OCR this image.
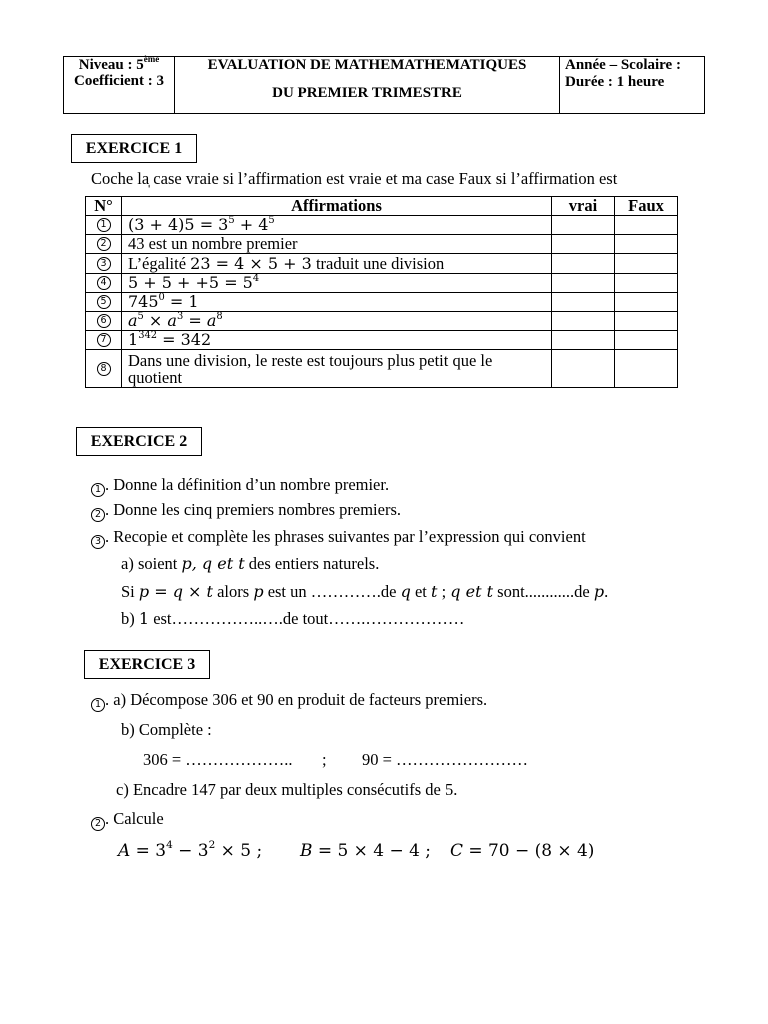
Niveau : 5ème
Coefficient : 3
EVALUATION DE MATHEMATHEMATIQUES
DU PREMIER TRIMESTRE
Année – Scolaire :
Durée : 1 heure
EXERCICE 1
Coche la̩ case vraie si l’affirmation est vraie et ma case Faux si l’affirmation est
N°	Affirmations	vrai	Faux
1 $(3 + 4)5 = 3^5 + 4^5$
2 43 est un nombre premier
3 L’égalité 23 = 4 × 5 + 3 traduit une division
4 $5 + 5 + +5 = 5^4$
5 $745^0 = 1$
6 $a^5 \times a^3 = a^8$
7 $1^{342} = 342$
8 Dans une division, le reste est toujours plus petit que le quotient
EXERCICE 2
1 . Donne la définition d’un nombre premier.
2 . Donne les cinq premiers nombres premiers.
3 . Recopie et complète les phrases suivantes par l’expression qui convient
a) soient p, q et t des entiers naturels.
Si p = q × t alors p est un ………….de q et t ; q et t sont............de p.
b) 1 est……………..….de tout…….………………
EXERCICE 3
1 . a) Décompose 306 et 90 en produit de facteurs premiers.
b) Complète :
306 = ……………….. ; 90 = ……………………
c) Encadre 147 par deux multiples consécutifs de 5.
2 . Calcule
$A = 3^4 - 3^2 \times 5$ ; B = 5 × 4 − 4 ; C = 70 − (8 × 4)
